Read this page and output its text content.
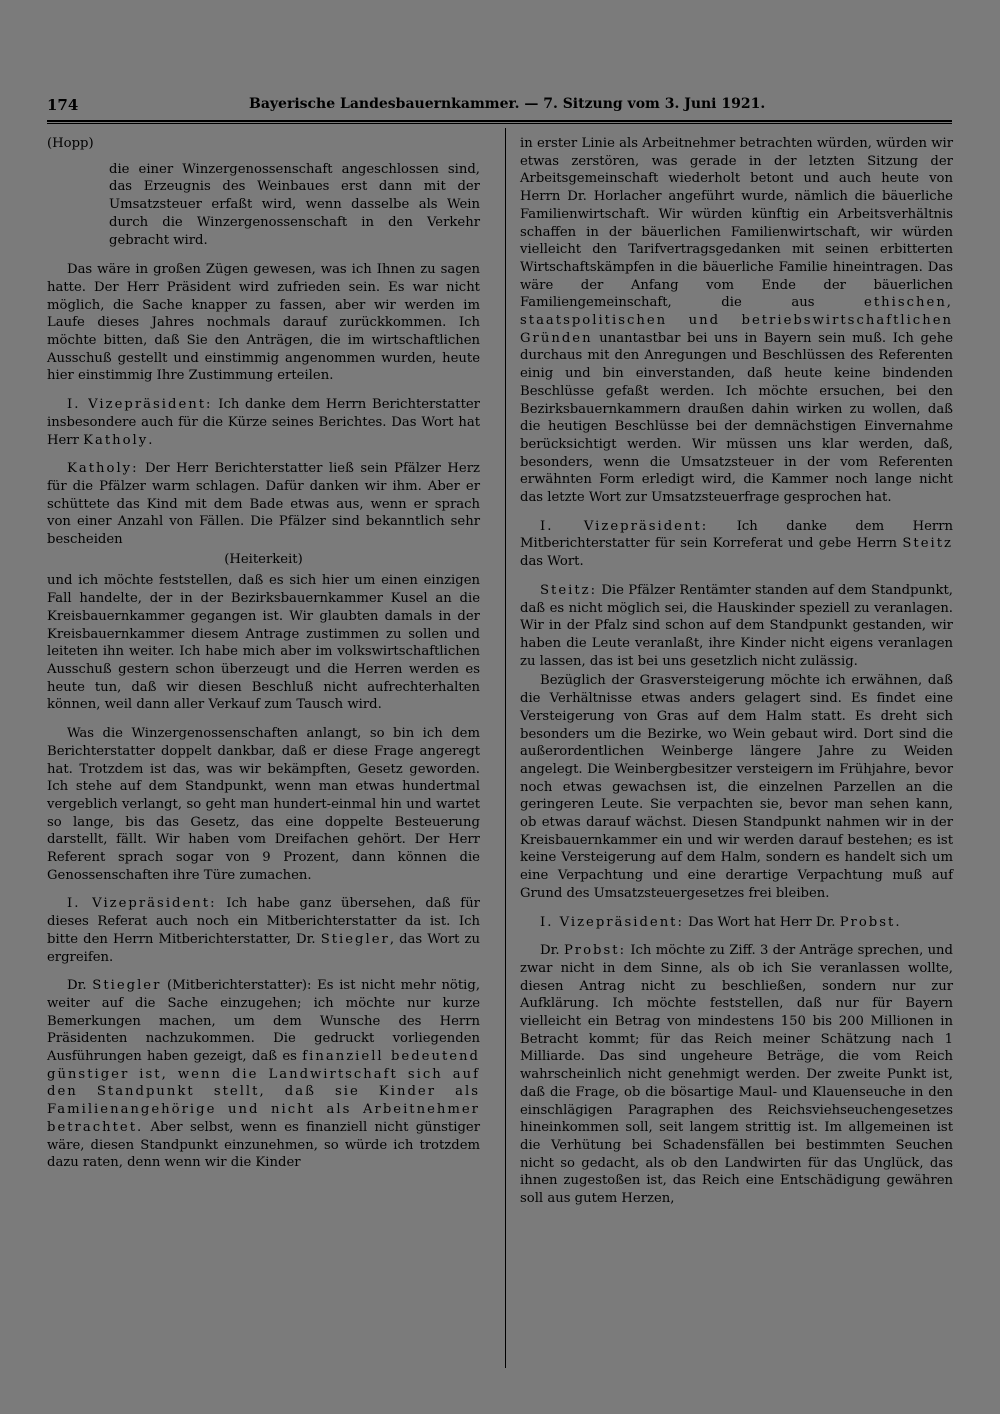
174	Bayerische Landesbauernkammer. — 7. Sitzung vom 3. Juni 1921.

(Hopp)

die einer Winzergenossenschaft angeschlossen sind, das Erzeugnis des Weinbaues erst dann mit der Umsatzsteuer erfaßt wird, wenn dasselbe als Wein durch die Winzergenossenschaft in den Verkehr gebracht wird.

Das wäre in großen Zügen gewesen, was ich Ihnen zu sagen hatte. Der Herr Präsident wird zufrieden sein. Es war nicht möglich, die Sache knapper zu fassen, aber wir werden im Laufe dieses Jahres nochmals darauf zurückkommen. Ich möchte bitten, daß Sie den Anträgen, die im wirtschaftlichen Ausschuß gestellt und einstimmig angenommen wurden, heute hier einstimmig Ihre Zustimmung erteilen.

I. Vizepräsident: Ich danke dem Herrn Berichterstatter insbesondere auch für die Kürze seines Berichtes. Das Wort hat Herr Katholy.

Katholy: Der Herr Berichterstatter ließ sein Pfälzer Herz für die Pfälzer warm schlagen. Dafür danken wir ihm. Aber er schüttete das Kind mit dem Bade etwas aus, wenn er sprach von einer Anzahl von Fällen. Die Pfälzer sind bekanntlich sehr bescheiden

(Heiterkeit)

und ich möchte feststellen, daß es sich hier um einen einzigen Fall handelte, der in der Bezirksbauernkammer Kusel an die Kreisbauernkammer gegangen ist. Wir glaubten damals in der Kreisbauernkammer diesem Antrage zustimmen zu sollen und leiteten ihn weiter. Ich habe mich aber im volkswirtschaftlichen Ausschuß gestern schon überzeugt und die Herren werden es heute tun, daß wir diesen Beschluß nicht aufrechterhalten können, weil dann aller Verkauf zum Tausch wird.

Was die Winzergenossenschaften anlangt, so bin ich dem Berichterstatter doppelt dankbar, daß er diese Frage angeregt hat. Trotzdem ist das, was wir bekämpften, Gesetz geworden. Ich stehe auf dem Standpunkt, wenn man etwas hundertmal vergeblich verlangt, so geht man hundert-einmal hin und wartet so lange, bis das Gesetz, das eine doppelte Besteuerung darstellt, fällt. Wir haben vom Dreifachen gehört. Der Herr Referent sprach sogar von 9 Prozent, dann können die Genossenschaften ihre Türe zumachen.

I. Vizepräsident: Ich habe ganz übersehen, daß für dieses Referat auch noch ein Mitberichterstatter da ist. Ich bitte den Herrn Mitberichterstatter, Dr. Stiegler, das Wort zu ergreifen.

Dr. Stiegler (Mitberichterstatter): Es ist nicht mehr nötig, weiter auf die Sache einzugehen; ich möchte nur kurze Bemerkungen machen, um dem Wunsche des Herrn Präsidenten nachzukommen. Die gedruckt vorliegenden Ausführungen haben gezeigt, daß es finanziell bedeutend günstiger ist, wenn die Landwirtschaft sich auf den Standpunkt stellt, daß sie Kinder als Familienangehörige und nicht als Arbeitnehmer betrachtet. Aber selbst, wenn es finanziell nicht günstiger wäre, diesen Standpunkt einzunehmen, so würde ich trotzdem dazu raten, denn wenn wir die Kinder

in erster Linie als Arbeitnehmer betrachten würden, würden wir etwas zerstören, was gerade in der letzten Sitzung der Arbeitsgemeinschaft wiederholt betont und auch heute von Herrn Dr. Horlacher angeführt wurde, nämlich die bäuerliche Familienwirtschaft. Wir würden künftig ein Arbeitsverhältnis schaffen in der bäuerlichen Familienwirtschaft, wir würden vielleicht den Tarifvertragsgedanken mit seinen erbitterten Wirtschaftskämpfen in die bäuerliche Familie hineintragen. Das wäre der Anfang vom Ende der bäuerlichen Familiengemeinschaft, die aus ethischen, staatspolitischen und betriebswirtschaftlichen Gründen unantastbar bei uns in Bayern sein muß. Ich gehe durchaus mit den Anregungen und Beschlüssen des Referenten einig und bin einverstanden, daß heute keine bindenden Beschlüsse gefaßt werden. Ich möchte ersuchen, bei den Bezirksbauernkammern draußen dahin wirken zu wollen, daß die heutigen Beschlüsse bei der demnächstigen Einvernahme berücksichtigt werden. Wir müssen uns klar werden, daß, besonders, wenn die Umsatzsteuer in der vom Referenten erwähnten Form erledigt wird, die Kammer noch lange nicht das letzte Wort zur Umsatzsteuerfrage gesprochen hat.

I. Vizepräsident: Ich danke dem Herrn Mitberichterstatter für sein Korreferat und gebe Herrn Steitz das Wort.

Steitz: Die Pfälzer Rentämter standen auf dem Standpunkt, daß es nicht möglich sei, die Hauskinder speziell zu veranlagen. Wir in der Pfalz sind schon auf dem Standpunkt gestanden, wir haben die Leute veranlaßt, ihre Kinder nicht eigens veranlagen zu lassen, das ist bei uns gesetzlich nicht zulässig.

Bezüglich der Grasversteigerung möchte ich erwähnen, daß die Verhältnisse etwas anders gelagert sind. Es findet eine Versteigerung von Gras auf dem Halm statt. Es dreht sich besonders um die Bezirke, wo Wein gebaut wird. Dort sind die außerordentlichen Weinberge längere Jahre zu Weiden angelegt. Die Weinbergbesitzer versteigern im Frühjahre, bevor noch etwas gewachsen ist, die einzelnen Parzellen an die geringeren Leute. Sie verpachten sie, bevor man sehen kann, ob etwas darauf wächst. Diesen Standpunkt nahmen wir in der Kreisbauernkammer ein und wir werden darauf bestehen; es ist keine Versteigerung auf dem Halm, sondern es handelt sich um eine Verpachtung und eine derartige Verpachtung muß auf Grund des Umsatzsteuergesetzes frei bleiben.

I. Vizepräsident: Das Wort hat Herr Dr. Probst.

Dr. Probst: Ich möchte zu Ziff. 3 der Anträge sprechen, und zwar nicht in dem Sinne, als ob ich Sie veranlassen wollte, diesen Antrag nicht zu beschließen, sondern nur zur Aufklärung. Ich möchte feststellen, daß nur für Bayern vielleicht ein Betrag von mindestens 150 bis 200 Millionen in Betracht kommt; für das Reich meiner Schätzung nach 1 Milliarde. Das sind ungeheure Beträge, die vom Reich wahrscheinlich nicht genehmigt werden. Der zweite Punkt ist, daß die Frage, ob die bösartige Maul- und Klauenseuche in den einschlägigen Paragraphen des Reichsviehseuchengesetzes hineinkommen soll, seit langem strittig ist. Im allgemeinen ist die Verhütung bei Schadensfällen bei bestimmten Seuchen nicht so gedacht, als ob den Landwirten für das Unglück, das ihnen zugestoßen ist, das Reich eine Entschädigung gewähren soll aus gutem Herzen,
